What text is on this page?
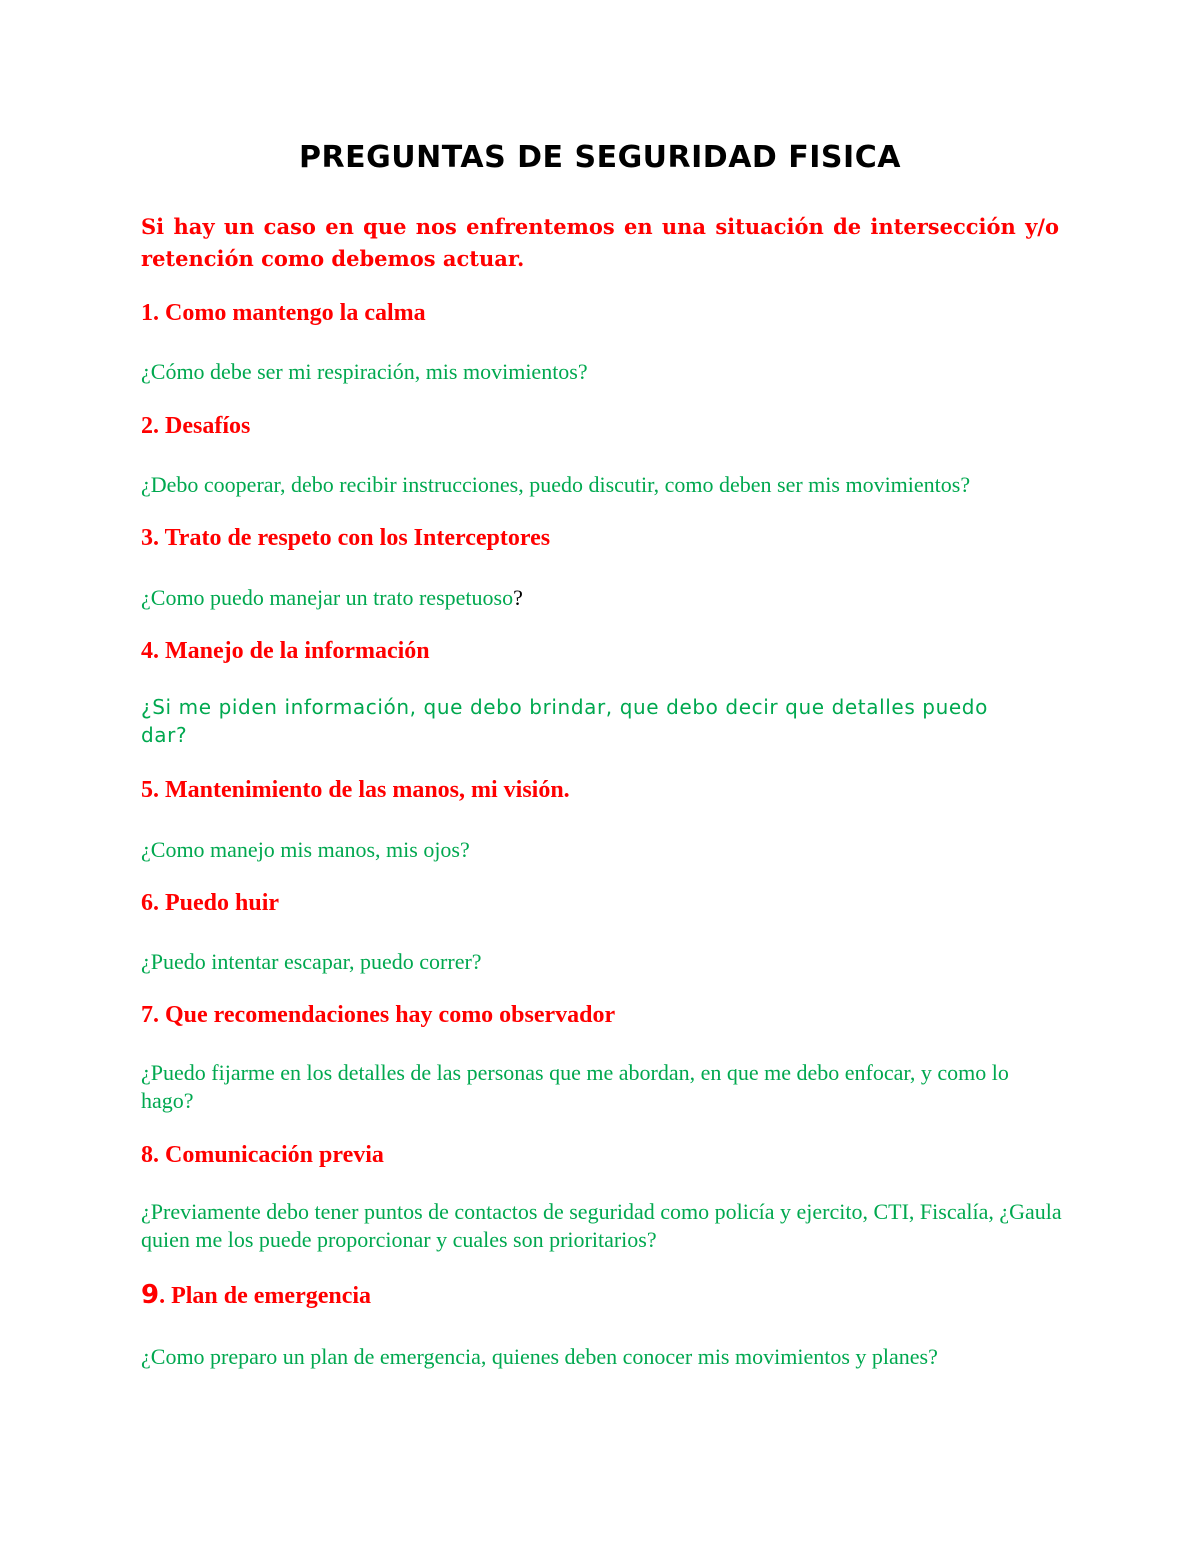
PREGUNTAS DE SEGURIDAD FISICA

Si hay un caso en que nos enfrentemos en una situación de intersección y/o retención como debemos actuar.

1. Como mantengo la calma

¿Cómo debe ser mi respiración, mis movimientos?

2. Desafíos

¿Debo cooperar, debo recibir instrucciones, puedo discutir, como deben ser mis movimientos?

3. Trato de respeto con los Interceptores

¿Como puedo manejar un trato respetuoso?

4. Manejo de la información

¿Si me piden información, que debo brindar, que debo decir que detalles puedo dar?

5. Mantenimiento de las manos, mi visión.

¿Como manejo mis manos, mis ojos?

6. Puedo huir

¿Puedo intentar escapar, puedo correr?

7. Que recomendaciones hay como observador

¿Puedo fijarme en los detalles de las personas que me abordan, en que me debo enfocar, y como lo hago?

8. Comunicación previa

¿Previamente debo tener puntos de contactos de seguridad como policía y ejercito, CTI, Fiscalía, ¿Gaula quien me los puede proporcionar y cuales son prioritarios?

9. Plan de emergencia

¿Como preparo un plan de emergencia, quienes deben conocer mis movimientos y planes?
